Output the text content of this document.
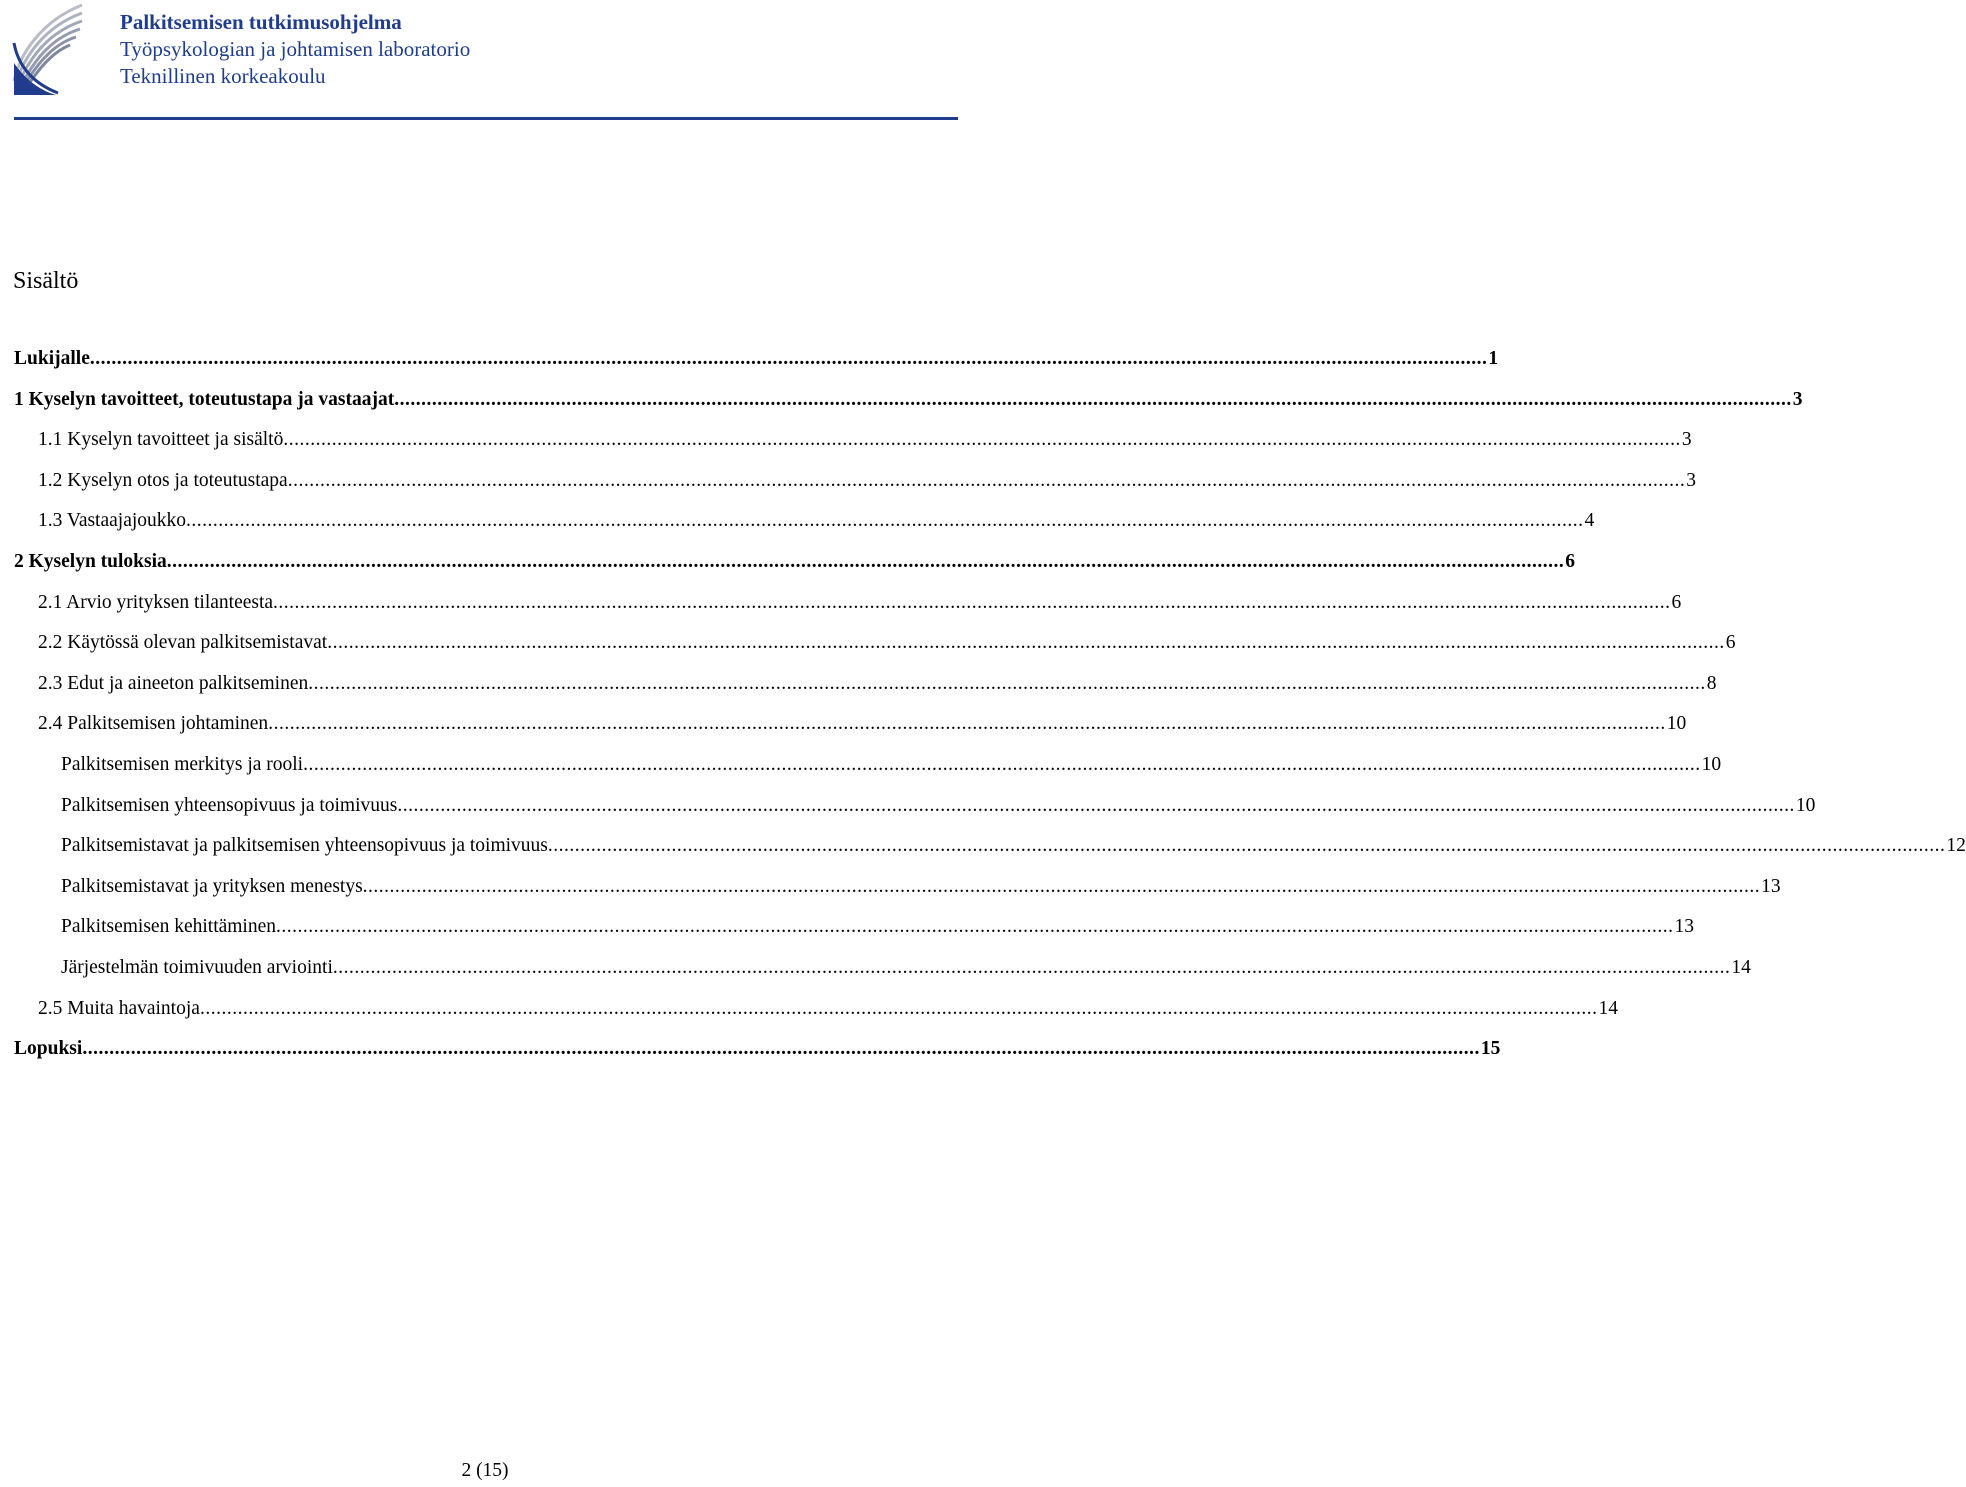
Palkitsemisen tutkimusohjelma
Työpsykologian ja johtamisen laboratorio
Teknillinen korkeakoulu
Sisältö
Lukijalle .................................................................................................................................................................................................................................................................... 1
1 Kyselyn tavoitteet, toteutustapa ja vastaajat .................................................................................................................................................................................................................................................................... 3
1.1 Kyselyn tavoitteet ja sisältö .................................................................................................................................................................................................................................................................... 3
1.2 Kyselyn otos ja toteutustapa .................................................................................................................................................................................................................................................................... 3
1.3 Vastaajajoukko .................................................................................................................................................................................................................................................................... 4
2 Kyselyn tuloksia .................................................................................................................................................................................................................................................................... 6
2.1 Arvio yrityksen tilanteesta .................................................................................................................................................................................................................................................................... 6
2.2 Käytössä olevan palkitsemistavat .................................................................................................................................................................................................................................................................... 6
2.3 Edut ja aineeton palkitseminen .................................................................................................................................................................................................................................................................... 8
2.4 Palkitsemisen johtaminen .................................................................................................................................................................................................................................................................... 10
Palkitsemisen merkitys ja rooli .................................................................................................................................................................................................................................................................... 10
Palkitsemisen yhteensopivuus ja toimivuus .................................................................................................................................................................................................................................................................... 10
Palkitsemistavat ja palkitsemisen yhteensopivuus ja toimivuus .................................................................................................................................................................................................................................................................... 12
Palkitsemistavat ja yrityksen menestys .................................................................................................................................................................................................................................................................... 13
Palkitsemisen kehittäminen .................................................................................................................................................................................................................................................................... 13
Järjestelmän toimivuuden arviointi .................................................................................................................................................................................................................................................................... 14
2.5 Muita havaintoja .................................................................................................................................................................................................................................................................... 14
Lopuksi .................................................................................................................................................................................................................................................................... 15
2 (15)
